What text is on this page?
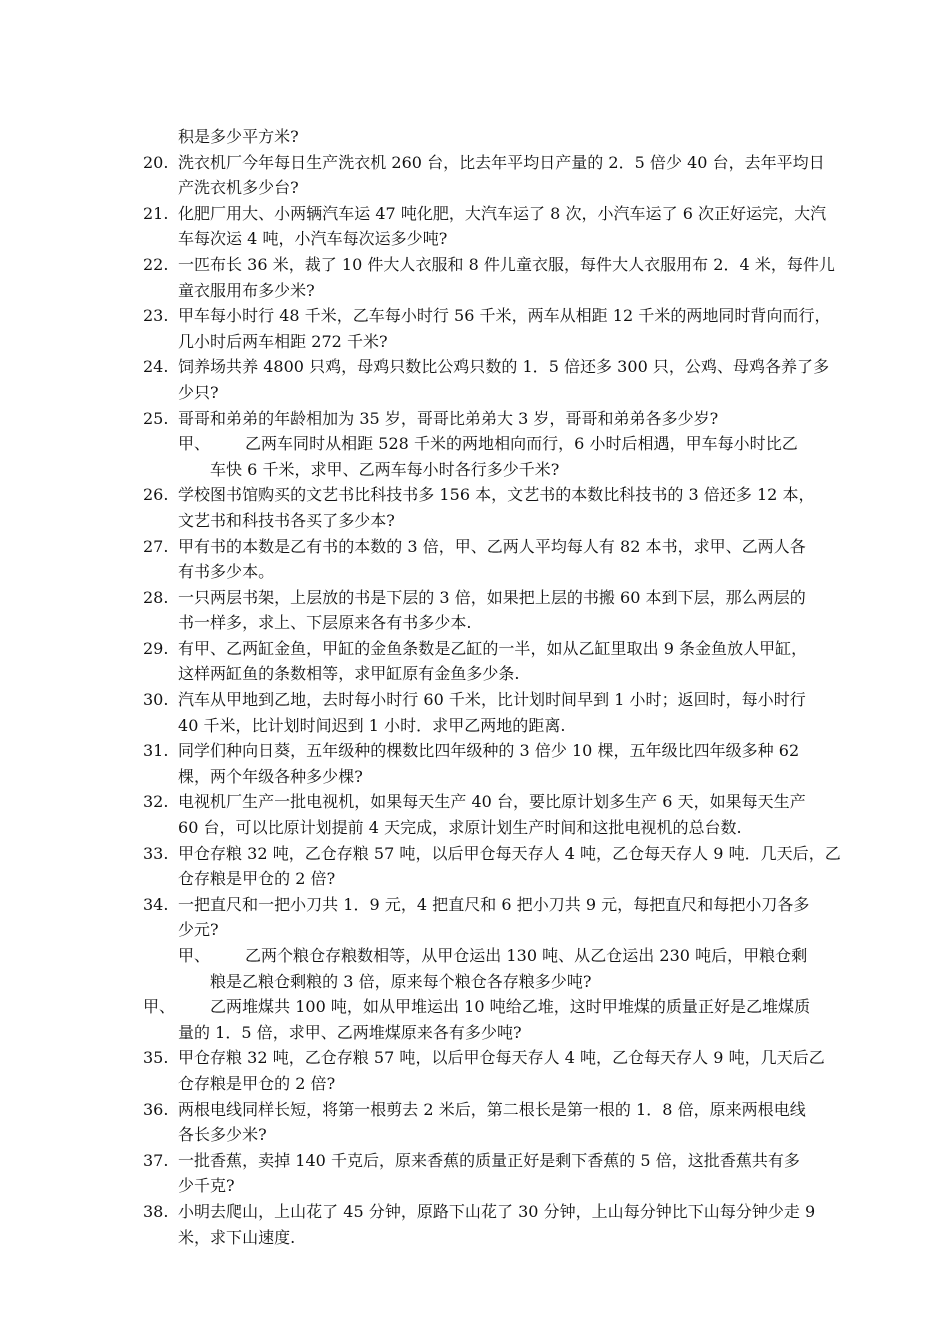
积是多少平方米?
20. 洗衣机厂今年每日生产洗衣机 260 台，比去年平均日产量的 2．5 倍少 40 台，去年平均日
产洗衣机多少台?
21. 化肥厂用大、小两辆汽车运 47 吨化肥，大汽车运了 8 次，小汽车运了 6 次正好运完，大汽
车每次运 4 吨，小汽车每次运多少吨?
22. 一匹布长 36 米，裁了 10 件大人衣服和 8 件儿童衣服，每件大人衣服用布 2．4 米，每件儿
童衣服用布多少米?
23. 甲车每小时行 48 千米，乙车每小时行 56 千米，两车从相距 12 千米的两地同时背向而行，
几小时后两车相距 272 千米?
24. 饲养场共养 4800 只鸡，母鸡只数比公鸡只数的 1．5 倍还多 300 只，公鸡、母鸡各养了多
少只?
25. 哥哥和弟弟的年龄相加为 35 岁，哥哥比弟弟大 3 岁，哥哥和弟弟各多少岁?
甲、 乙两车同时从相距 528 千米的两地相向而行，6 小时后相遇，甲车每小时比乙
车快 6 千米，求甲、乙两车每小时各行多少千米?
26. 学校图书馆购买的文艺书比科技书多 156 本，文艺书的本数比科技书的 3 倍还多 12 本，
文艺书和科技书各买了多少本?
27. 甲有书的本数是乙有书的本数的 3 倍，甲、乙两人平均每人有 82 本书，求甲、乙两人各
有书多少本。
28. 一只两层书架，上层放的书是下层的 3 倍，如果把上层的书搬 60 本到下层，那么两层的
书一样多，求上、下层原来各有书多少本.
29. 有甲、乙两缸金鱼，甲缸的金鱼条数是乙缸的一半，如从乙缸里取出 9 条金鱼放人甲缸，
这样两缸鱼的条数相等，求甲缸原有金鱼多少条.
30. 汽车从甲地到乙地，去时每小时行 60 千米，比计划时间早到 1 小时；返回时，每小时行
40 千米，比计划时间迟到 1 小时．求甲乙两地的距离.
31. 同学们种向日葵，五年级种的棵数比四年级种的 3 倍少 10 棵，五年级比四年级多种 62
棵，两个年级各种多少棵?
32. 电视机厂生产一批电视机，如果每天生产 40 台，要比原计划多生产 6 天，如果每天生产
60 台，可以比原计划提前 4 天完成，求原计划生产时间和这批电视机的总台数.
33. 甲仓存粮 32 吨，乙仓存粮 57 吨，以后甲仓每天存人 4 吨，乙仓每天存人 9 吨．几天后，乙
仓存粮是甲仓的 2 倍?
34. 一把直尺和一把小刀共 1．9 元，4 把直尺和 6 把小刀共 9 元，每把直尺和每把小刀各多
少元?
甲、 乙两个粮仓存粮数相等，从甲仓运出 130 吨、从乙仓运出 230 吨后，甲粮仓剩
粮是乙粮仓剩粮的 3 倍，原来每个粮仓各存粮多少吨?
甲、 乙两堆煤共 100 吨，如从甲堆运出 10 吨给乙堆，这时甲堆煤的质量正好是乙堆煤质
量的 1．5 倍，求甲、乙两堆煤原来各有多少吨?
35. 甲仓存粮 32 吨，乙仓存粮 57 吨，以后甲仓每天存人 4 吨，乙仓每天存人 9 吨，几天后乙
仓存粮是甲仓的 2 倍?
36. 两根电线同样长短，将第一根剪去 2 米后，第二根长是第一根的 1．8 倍，原来两根电线
各长多少米?
37. 一批香蕉，卖掉 140 千克后，原来香蕉的质量正好是剩下香蕉的 5 倍，这批香蕉共有多
少千克?
38. 小明去爬山，上山花了 45 分钟，原路下山花了 30 分钟，上山每分钟比下山每分钟少走 9
米，求下山速度.
